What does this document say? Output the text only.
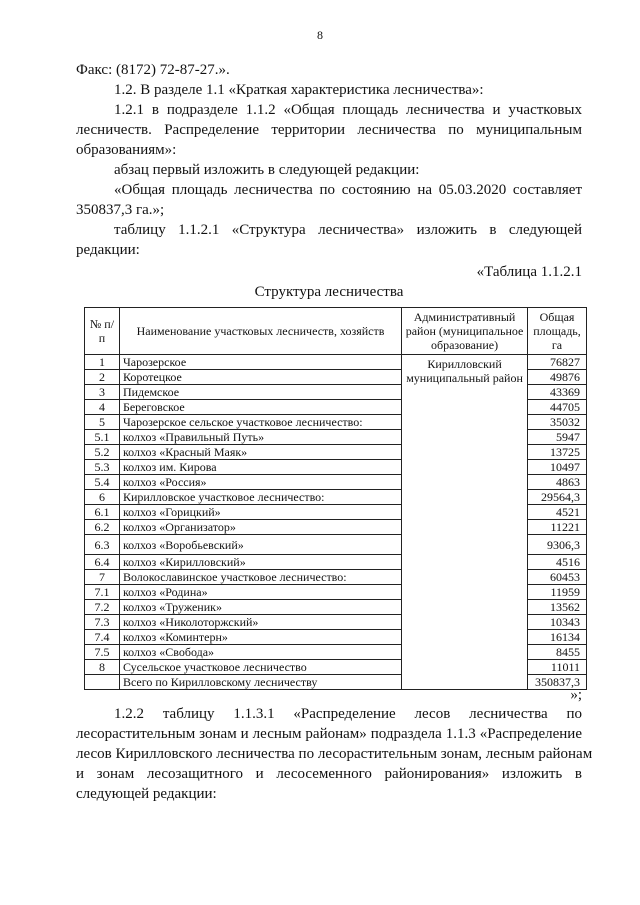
8
Факс: (8172) 72-87-27.».
1.2. В разделе 1.1 «Краткая характеристика лесничества»:
1.2.1 в подразделе 1.1.2 «Общая площадь лесничества и участковых
лесничеств. Распределение территории лесничества по муниципальным
образованиям»:
абзац первый изложить в следующей редакции:
«Общая площадь лесничества по состоянию на 05.03.2020 составляет
350837,3 га.»;
таблицу 1.1.2.1 «Структура лесничества» изложить в следующей
редакции:
«Таблица 1.1.2.1
Структура лесничества
№ п/п	Наименование участковых лесничеств, хозяйств	Административный район (муниципальное образование)	Общая площадь, га
1	Чарозерское	Кирилловский муниципальный район	76827
2	Коротецкое		49876
3	Пидемское		43369
4	Береговское		44705
5	Чарозерское сельское участковое лесничество:		35032
5.1	колхоз «Правильный Путь»		5947
5.2	колхоз «Красный Маяк»		13725
5.3	колхоз им. Кирова		10497
5.4	колхоз «Россия»		4863
6	Кирилловское участковое лесничество:		29564,3
6.1	колхоз «Горицкий»		4521
6.2	колхоз «Организатор»		11221
6.3	колхоз «Воробьевский»		9306,3
6.4	колхоз «Кирилловский»		4516
7	Волокославинское участковое лесничество:		60453
7.1	колхоз «Родина»		11959
7.2	колхоз «Труженик»		13562
7.3	колхоз «Николоторжский»		10343
7.4	колхоз «Коминтерн»		16134
7.5	колхоз «Свобода»		8455
8	Сусельское участковое лесничество		11011
	Всего по Кирилловскому лесничеству		350837,3
»;
1.2.2 таблицу 1.1.3.1 «Распределение лесов лесничества по
лесорастительным зонам и лесным районам» подраздела 1.1.3 «Распределение
лесов Кирилловского лесничества по лесорастительным зонам, лесным районам
и зонам лесозащитного и лесосеменного районирования» изложить в
следующей редакции:
